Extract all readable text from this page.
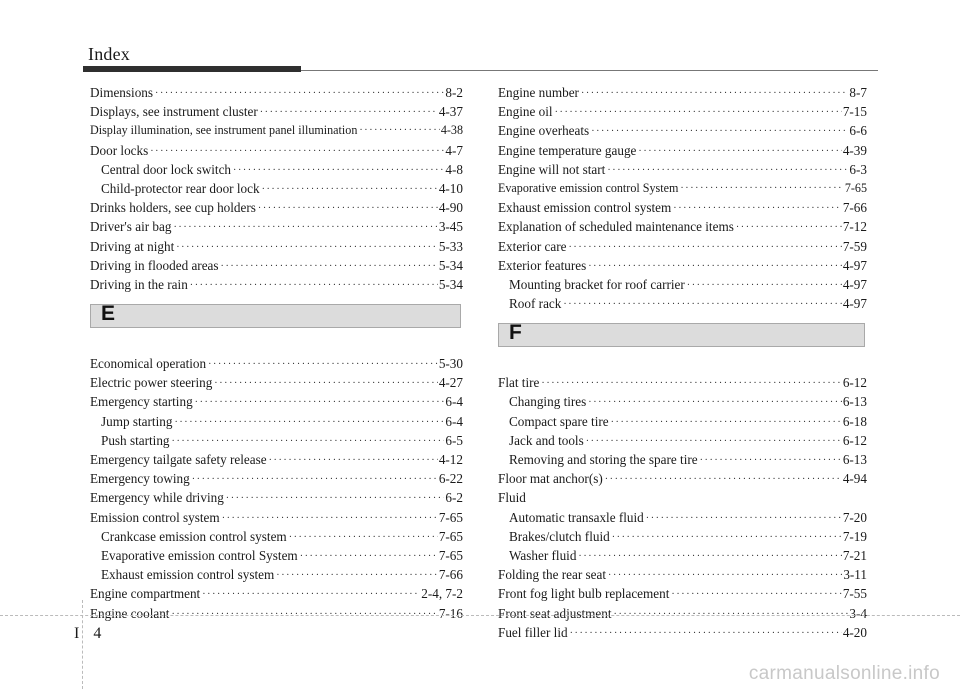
Index
Dimensions ·····	8-2
Displays, see instrument cluster ·····	4-37
Display illumination, see instrument panel illumination ·····	4-38
Door locks ·····	4-7
Central door lock switch ·····	4-8
Child-protector rear door lock ·····	4-10
Drinks holders, see cup holders ·····	4-90
Driver's air bag ·····	3-45
Driving at night ·····	5-33
Driving in flooded areas ·····	5-34
Driving in the rain ·····	5-34
E
Economical operation ·····	5-30
Electric power steering ·····	4-27
Emergency starting ·····	6-4
Jump starting ·····	6-4
Push starting ·····	6-5
Emergency tailgate safety release ·····	4-12
Emergency towing ·····	6-22
Emergency while driving ·····	6-2
Emission control system ·····	7-65
Crankcase emission control system ·····	7-65
Evaporative emission control System ·····	7-65
Exhaust emission control system ·····	7-66
Engine compartment ·····	2-4, 7-2
Engine coolant ·····	7-16
Engine number ·····	8-7
Engine oil ·····	7-15
Engine overheats ·····	6-6
Engine temperature gauge ·····	4-39
Engine will not start ·····	6-3
Evaporative emission control System ·····	7-65
Exhaust emission control system ·····	7-66
Explanation of scheduled maintenance items ·····	7-12
Exterior care ·····	7-59
Exterior features ·····	4-97
Mounting bracket for roof carrier ·····	4-97
Roof rack ·····	4-97
F
Flat tire ·····	6-12
Changing tires ·····	6-13
Compact spare tire ·····	6-18
Jack and tools ·····	6-12
Removing and storing the spare tire ·····	6-13
Floor mat anchor(s) ·····	4-94
Fluid
Automatic transaxle fluid ·····	7-20
Brakes/clutch fluid ·····	7-19
Washer fluid ·····	7-21
Folding the rear seat ·····	3-11
Front fog light bulb replacement ·····	7-55
Front seat adjustment ·····	3-4
Fuel filler lid ·····	4-20
I 4
carmanualsonline.info
